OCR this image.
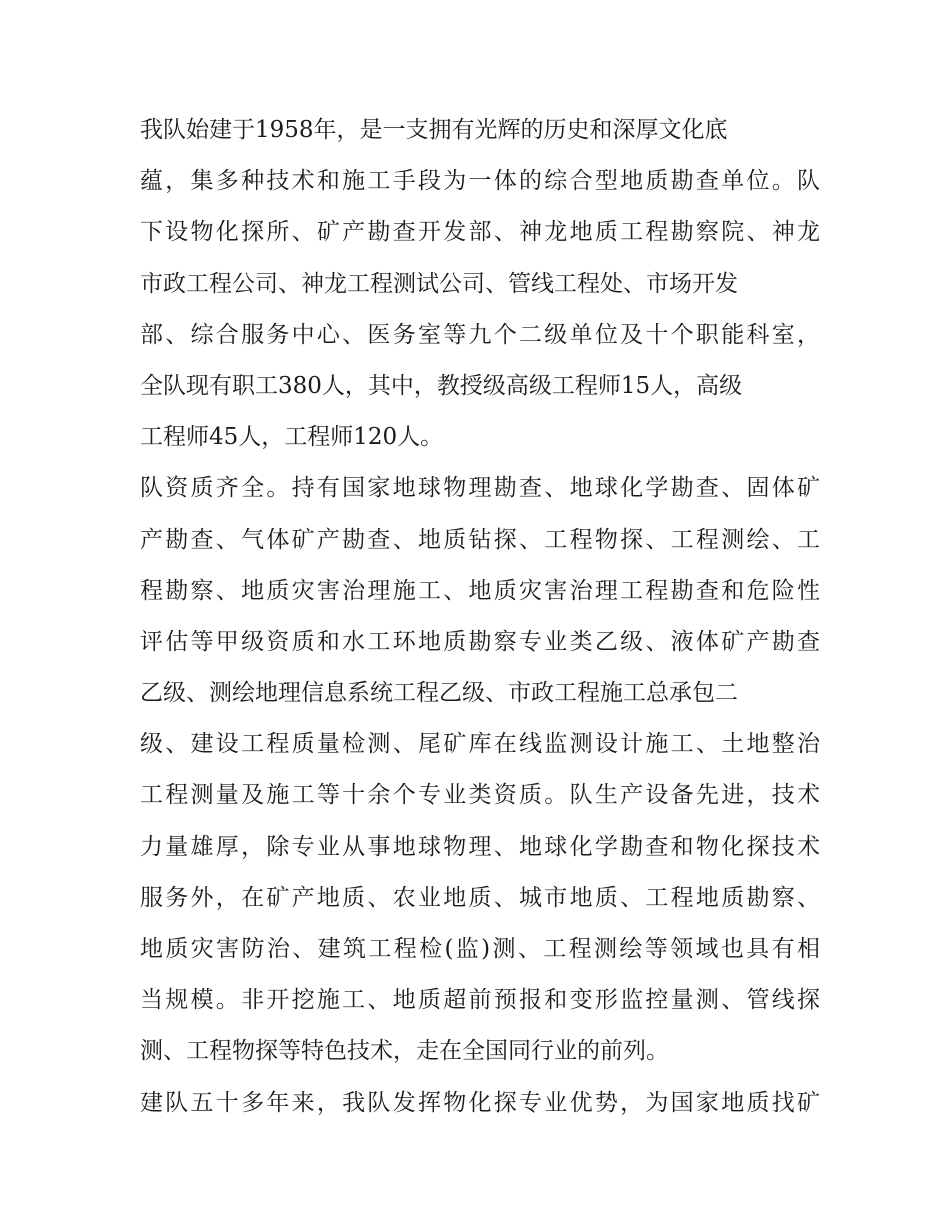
我队始建于1958年，是一支拥有光辉的历史和深厚文化底
蕴，集多种技术和施工手段为一体的综合型地质勘查单位。队
下设物化探所、矿产勘查开发部、神龙地质工程勘察院、神龙
市政工程公司、神龙工程测试公司、管线工程处、市场开发
部、综合服务中心、医务室等九个二级单位及十个职能科室，
全队现有职工380人，其中，教授级高级工程师15人，高级
工程师45人，工程师120人。

队资质齐全。持有国家地球物理勘查、地球化学勘查、固体矿
产勘查、气体矿产勘查、地质钻探、工程物探、工程测绘、工
程勘察、地质灾害治理施工、地质灾害治理工程勘查和危险性
评估等甲级资质和水工环地质勘察专业类乙级、液体矿产勘查
乙级、测绘地理信息系统工程乙级、市政工程施工总承包二
级、建设工程质量检测、尾矿库在线监测设计施工、土地整治
工程测量及施工等十余个专业类资质。队生产设备先进，技术
力量雄厚，除专业从事地球物理、地球化学勘查和物化探技术
服务外，在矿产地质、农业地质、城市地质、工程地质勘察、
地质灾害防治、建筑工程检(监)测、工程测绘等领域也具有相
当规模。非开挖施工、地质超前预报和变形监控量测、管线探
测、工程物探等特色技术，走在全国同行业的前列。

建队五十多年来，我队发挥物化探专业优势，为国家地质找矿
